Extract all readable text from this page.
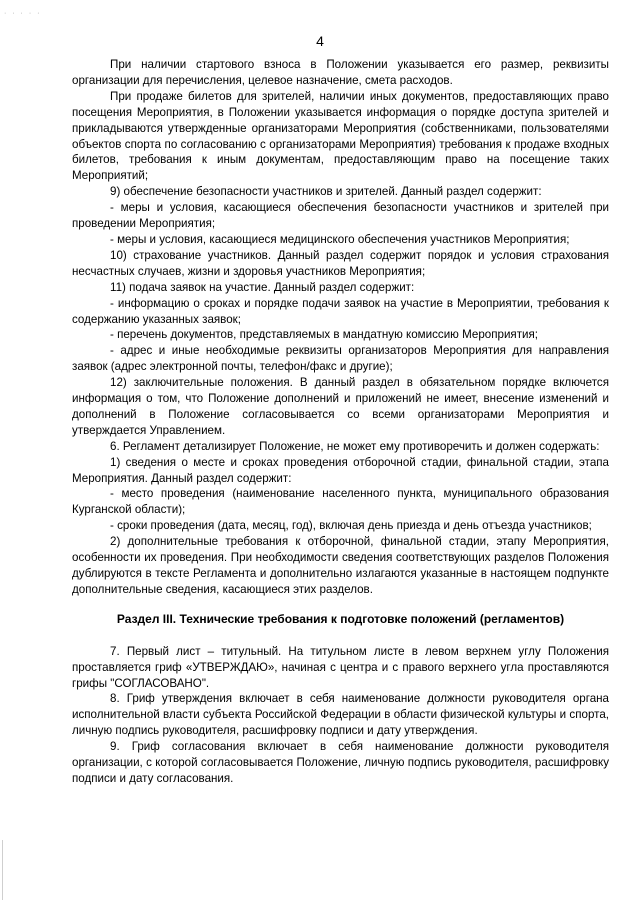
· · · · ·
4

При наличии стартового взноса в Положении указывается его размер, реквизиты организации для перечисления, целевое назначение, смета расходов.

При продаже билетов для зрителей, наличии иных документов, предоставляющих право посещения Мероприятия, в Положении указывается информация о порядке доступа зрителей и прикладываются утвержденные организаторами Мероприятия (собственниками, пользователями объектов спорта по согласованию с организаторами Мероприятия) требования к продаже входных билетов, требования к иным документам, предоставляющим право на посещение таких Мероприятий;

9) обеспечение безопасности участников и зрителей. Данный раздел содержит:

- меры и условия, касающиеся обеспечения безопасности участников и зрителей при проведении Мероприятия;

- меры и условия, касающиеся медицинского обеспечения участников Мероприятия;

10) страхование участников. Данный раздел содержит порядок и условия страхования несчастных случаев, жизни и здоровья участников Мероприятия;

11) подача заявок на участие. Данный раздел содержит:

- информацию о сроках и порядке подачи заявок на участие в Мероприятии, требования к содержанию указанных заявок;

- перечень документов, представляемых в мандатную комиссию Мероприятия;

- адрес и иные необходимые реквизиты организаторов Мероприятия для направления заявок (адрес электронной почты, телефон/факс и другие);

12) заключительные положения. В данный раздел в обязательном порядке включется информация о том, что Положение дополнений и приложений не имеет, внесение изменений и дополнений в Положение согласовывается со всеми организаторами Мероприятия и утверждается Управлением.

6. Регламент детализирует Положение, не может ему противоречить и должен содержать:

1) сведения о месте и сроках проведения отборочной стадии, финальной стадии, этапа Мероприятия. Данный раздел содержит:

- место проведения (наименование населенного пункта, муниципального образования Курганской области);

- сроки проведения (дата, месяц, год), включая день приезда и день отъезда участников;

2) дополнительные требования к отборочной, финальной стадии, этапу Мероприятия, особенности их проведения. При необходимости сведения соответствующих разделов Положения дублируются в тексте Регламента и дополнительно излагаются указанные в настоящем подпункте дополнительные сведения, касающиеся этих разделов.

Раздел III. Технические требования к подготовке положений (регламентов)

7. Первый лист – титульный. На титульном листе в левом верхнем углу Положения проставляется гриф «УТВЕРЖДАЮ», начиная с центра и с правого верхнего угла проставляются грифы "СОГЛАСОВАНО".

8. Гриф утверждения включает в себя наименование должности руководителя органа исполнительной власти субъекта Российской Федерации в области физической культуры и спорта, личную подпись руководителя, расшифровку подписи и дату утверждения.

9. Гриф согласования включает в себя наименование должности руководителя организации, с которой согласовывается Положение, личную подпись руководителя, расшифровку подписи и дату согласования.
